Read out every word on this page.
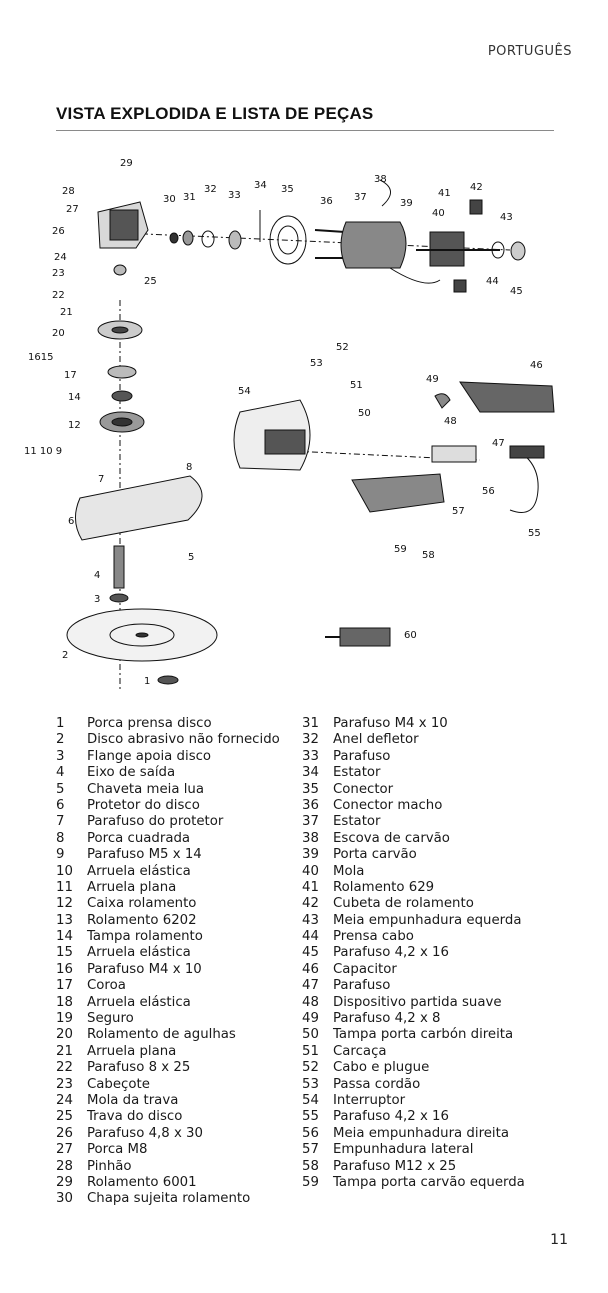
PORTUGUÊS
VISTA EXPLODIDA E LISTA DE PEÇAS
29
28
27
26
30 31
32
33
34 35
36 37
38
39
40
41
42
43
44
45
24
23
25
22
21
20
1615
17
14
12
11 10 9
8
7
6
5
4
3
2
1
52
53
51
54
49
46
50
48
47
56
57
55
59
58
60
1	Porca prensa disco
2	Disco abrasivo não fornecido
3	Flange apoia disco
4	Eixo de saída
5	Chaveta meia lua
6	Protetor do disco
7	Parafuso do protetor
8	Porca cuadrada
9	Parafuso M5 x 14
10	Arruela elástica
11	Arruela plana
12	Caixa rolamento
13	Rolamento 6202
14	Tampa rolamento
15	Arruela elástica
16	Parafuso M4 x 10
17	Coroa
18	Arruela elástica
19	Seguro
20	Rolamento de agulhas
21	Arruela plana
22	Parafuso 8 x 25
23	Cabeçote
24	Mola da trava
25	Trava do disco
26	Parafuso 4,8 x 30
27	Porca M8
28	Pinhão
29	Rolamento 6001
30	Chapa sujeita rolamento
31	Parafuso M4 x 10
32	Anel defletor
33	Parafuso
34	Estator
35	Conector
36	Conector macho
37	Estator
38	Escova de carvão
39	Porta carvão
40	Mola
41	Rolamento 629
42	Cubeta de rolamento
43	Meia empunhadura equerda
44	Prensa cabo
45	Parafuso 4,2 x 16
46	Capacitor
47	Parafuso
48	Dispositivo partida suave
49	Parafuso 4,2 x 8
50	Tampa porta carbón direita
51	Carcaça
52	Cabo e plugue
53	Passa cordão
54	Interruptor
55	Parafuso 4,2 x 16
56	Meia empunhadura direita
57	Empunhadura lateral
58	Parafuso M12 x 25
59	Tampa porta carvão equerda
11
